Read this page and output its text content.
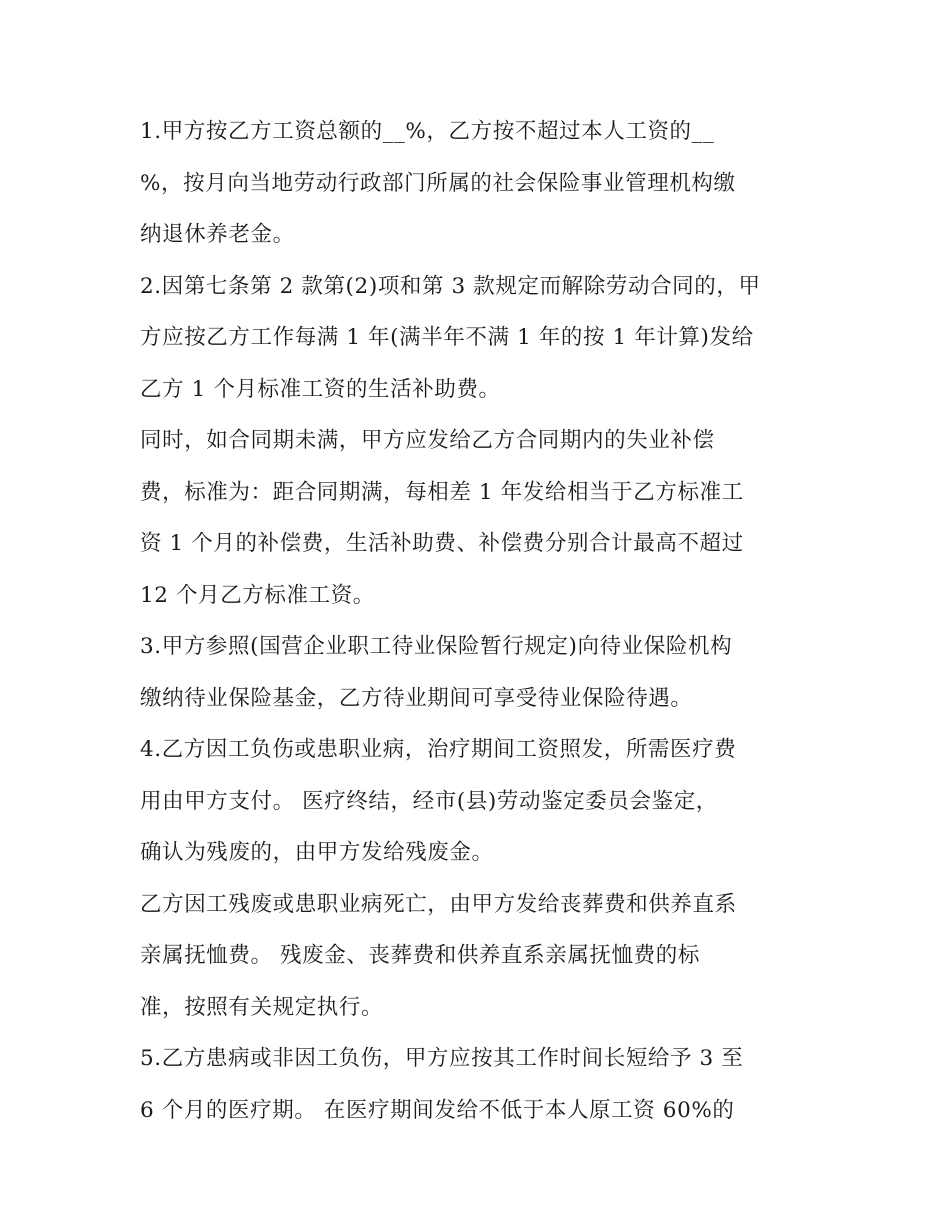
1.甲方按乙方工资总额的__%，乙方按不超过本人工资的__
%，按月向当地劳动行政部门所属的社会保险事业管理机构缴
纳退休养老金。
2.因第七条第 2 款第(2)项和第 3 款规定而解除劳动合同的，甲
方应按乙方工作每满 1 年(满半年不满 1 年的按 1 年计算)发给
乙方 1 个月标准工资的生活补助费。
同时，如合同期未满，甲方应发给乙方合同期内的失业补偿
费，标准为：距合同期满，每相差 1 年发给相当于乙方标准工
资 1 个月的补偿费，生活补助费、补偿费分别合计最高不超过
12 个月乙方标准工资。
3.甲方参照(国营企业职工待业保险暂行规定)向待业保险机构
缴纳待业保险基金，乙方待业期间可享受待业保险待遇。
4.乙方因工负伤或患职业病，治疗期间工资照发，所需医疗费
用由甲方支付。 医疗终结，经市(县)劳动鉴定委员会鉴定，
确认为残废的，由甲方发给残废金。
乙方因工残废或患职业病死亡，由甲方发给丧葬费和供养直系
亲属抚恤费。 残废金、丧葬费和供养直系亲属抚恤费的标
准，按照有关规定执行。
5.乙方患病或非因工负伤，甲方应按其工作时间长短给予 3 至
6 个月的医疗期。 在医疗期间发给不低于本人原工资 60%的
